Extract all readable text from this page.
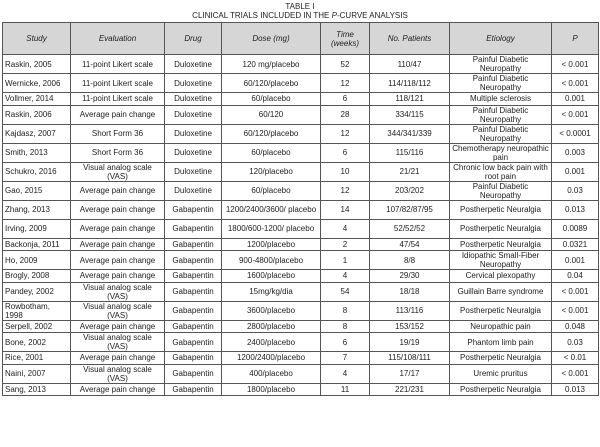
TABLE I
CLINICAL TRIALS INCLUDED IN THE P-CURVE ANALYSIS
Study	Evaluation	Drug	Dose (mg)	Time (weeks)	No. Patients	Etiology	P
Raskin, 2005	11-point Likert scale	Duloxetine	120 mg/placebo	52	110/47	Painful Diabetic Neuropathy	< 0.001
Wernicke, 2006	11-point Likert scale	Duloxetine	60/120/placebo	12	114/118/112	Painful Diabetic Neuropathy	< 0.001
Vollmer, 2014	11-point Likert scale	Duloxetine	60/placebo	6	118/121	Multiple sclerosis	0.001
Raskin, 2006	Average pain change	Duloxetine	60/120	28	334/115	Painful Diabetic Neuropathy	< 0.001
Kajdasz, 2007	Short Form 36	Duloxetine	60/120/placebo	12	344/341/339	Painful Diabetic Neuropathy	< 0.0001
Smith, 2013	Short Form 36	Duloxetine	60/placebo	6	115/116	Chemotherapy neuropathic pain	0.003
Schukro, 2016	Visual analog scale (VAS)	Duloxetine	120/placebo	10	21/21	Chronic low back pain with root pain	0.001
Gao, 2015	Average pain change	Duloxetine	60/placebo	12	203/202	Painful Diabetic Neuropathy	0.03
Zhang, 2013	Average pain change	Gabapentin	1200/2400/3600/ placebo	14	107/82/87/95	Postherpetic Neuralgia	0.013
Irving, 2009	Average pain change	Gabapentin	1800/600-1200/ placebo	4	52/52/52	Postherpetic Neuralgia	0.0089
Backonja, 2011	Average pain change	Gabapentin	1200/placebo	2	47/54	Postherpetic Neuralgia	0.0321
Ho, 2009	Average pain change	Gabapentin	900-4800/placebo	1	8/8	Idiopathic Small-Fiber Neuropathy	0.001
Brogly, 2008	Average pain change	Gabapentin	1600/placebo	4	29/30	Cervical plexopathy	0.04
Pandey, 2002	Visual analog scale (VAS)	Gabapentin	15mg/kg/dia	54	18/18	Guillain Barre syndrome	< 0.001
Rowbotham, 1998	Visual analog scale (VAS)	Gabapentin	3600/placebo	8	113/116	Postherpetic Neuralgia	< 0.001
Serpell, 2002	Average pain change	Gabapentin	2800/placebo	8	153/152	Neuropathic pain	0.048
Bone, 2002	Visual analog scale (VAS)	Gabapentin	2400/placebo	6	19/19	Phantom limb pain	0.03
Rice, 2001	Average pain change	Gabapentin	1200/2400/placebo	7	115/108/111	Postherpetic Neuralgia	< 0.01
Naini, 2007	Visual analog scale (VAS)	Gabapentin	400/placebo	4	17/17	Uremic pruritus	< 0.001
Sang, 2013	Average pain change	Gabapentin	1800/placebo	11	221/231	Postherpetic Neuralgia	0.013
